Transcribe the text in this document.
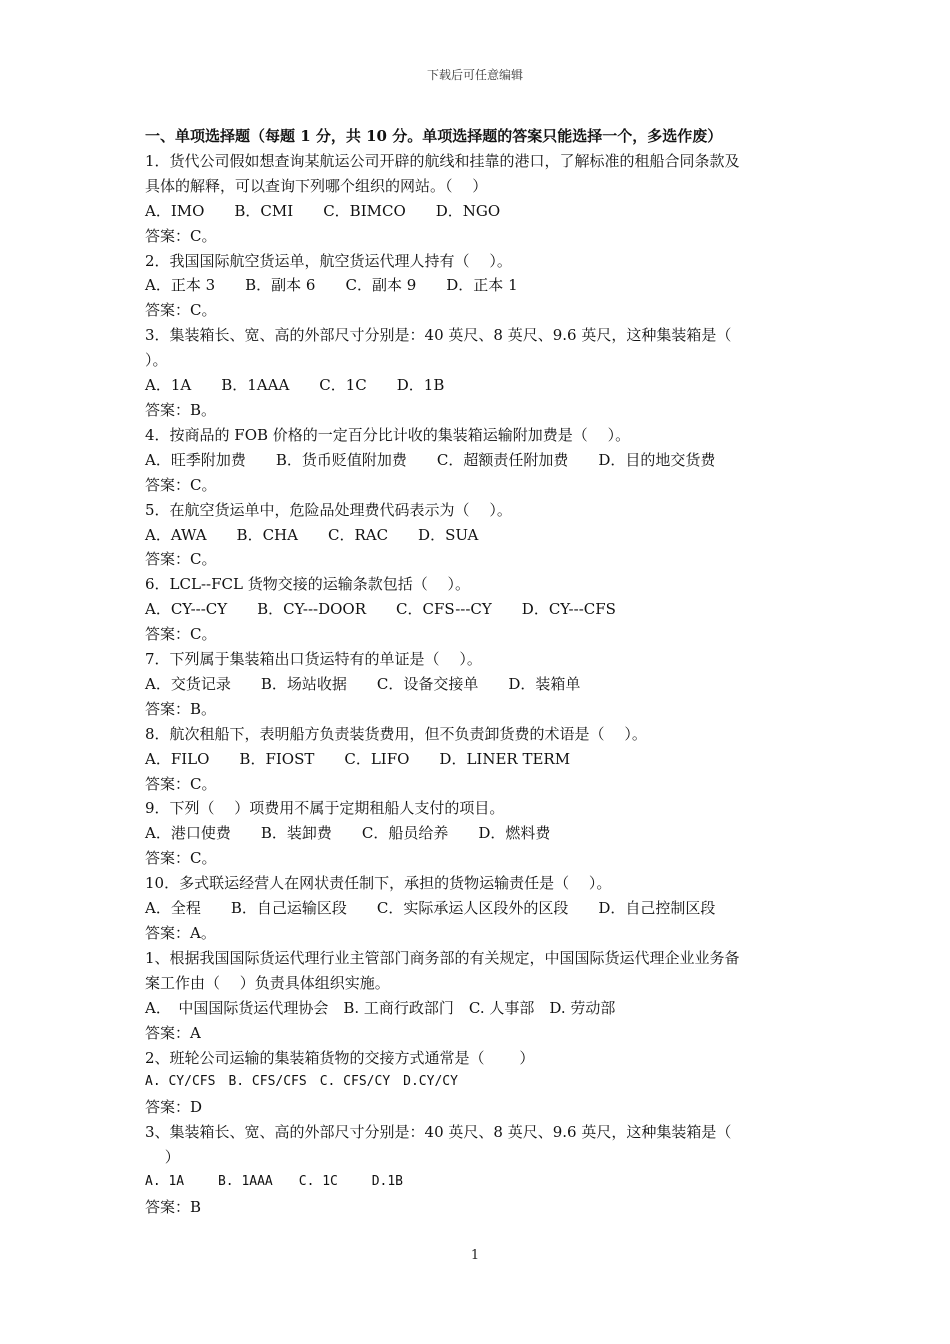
下载后可任意编辑
一、单项选择题（每题 1 分，共 10 分。单项选择题的答案只能选择一个，多选作废）
1．货代公司假如想查询某航运公司开辟的航线和挂靠的港口，了解标准的租船合同条款及
具体的解释，可以查询下列哪个组织的网站。（　 ）
A．IMO　　B．CMI　　C．BIMCO　　D．NGO
答案：C。
2．我国国际航空货运单，航空货运代理人持有（　 ）。
A．正本 3　　B．副本 6　　C．副本 9　　D．正本 1
答案：C。
3．集装箱长、宽、高的外部尺寸分别是：40 英尺、8 英尺、9.6 英尺，这种集装箱是（
）。
A．1A　　B．1AAA　　C．1C　　D．1B
答案：B。
4．按商品的 FOB 价格的一定百分比计收的集装箱运输附加费是（　 ）。
A．旺季附加费　　B．货币贬值附加费　　C．超额责任附加费　　D．目的地交货费
答案：C。
5．在航空货运单中，危险品处理费代码表示为（　 ）。
A．AWA　　B．CHA　　C．RAC　　D．SUA
答案：C。
6．LCL--FCL 货物交接的运输条款包括（　 ）。
A．CY---CY　　B．CY---DOOR　　C．CFS---CY　　D．CY---CFS
答案：C。
7．下列属于集装箱出口货运特有的单证是（　 ）。
A．交货记录　　B．场站收据　　C．设备交接单　　D．装箱单
答案：B。
8．航次租船下，表明船方负责装货费用，但不负责卸货费的术语是（　 ）。
A．FILO　　B．FIOST　　C．LIFO　　D．LINER TERM
答案：C。
9．下列（　 ）项费用不属于定期租船人支付的项目。
A．港口使费　　B．装卸费　　C．船员给养　　D．燃料费
答案：C。
10．多式联运经营人在网状责任制下，承担的货物运输责任是（　 ）。
A．全程　　B．自己运输区段　　C．实际承运人区段外的区段　　D．自己控制区段
答案：A。
1、根据我国国际货运代理行业主管部门商务部的有关规定，中国国际货运代理企业业务备
案工作由（　 ）负责具体组织实施。
A．　中国国际货运代理协会　B. 工商行政部门　C. 人事部　D. 劳动部
答案：A
2、班轮公司运输的集装箱货物的交接方式通常是（　　 ）
A. CY/CFS　B. CFS/CFS　C. CFS/CY　D.CY/CY
答案：D
3、集装箱长、宽、高的外部尺寸分别是：40 英尺、8 英尺、9.6 英尺，这种集装箱是（
　 ）
A. 1A　　 B. 1AAA　　C. 1C　　 D.1B
答案：B
1
